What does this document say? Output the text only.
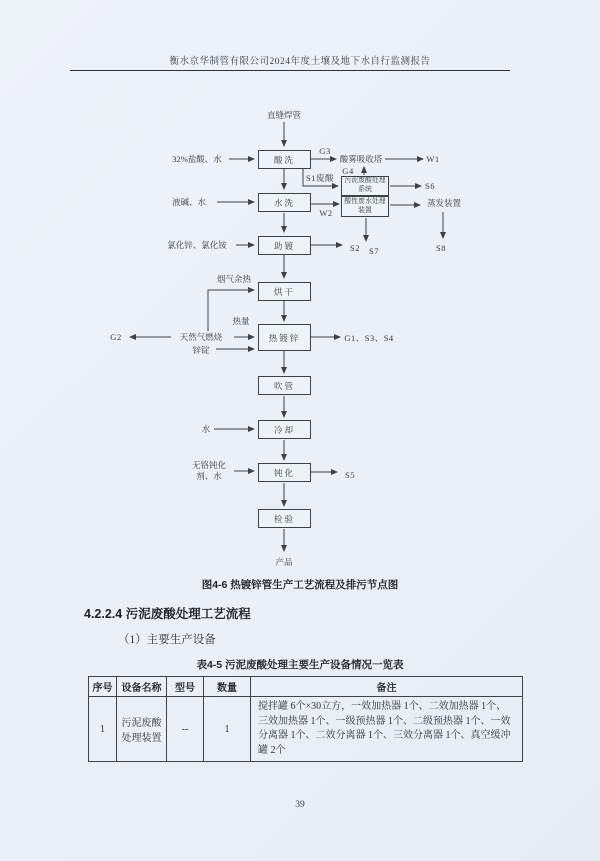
衡水京华制管有限公司2024年度土壤及地下水自行监测报告
酸洗
水洗
助镀
烘干
热镀锌
吹管
冷却
钝化
检验
污泥废酸处理系统
酸性废水处理装置
直缝焊管
32%盐酸、水
液碱、水
氯化锌、氯化铵
烟气余热
热量
天然气燃烧
锌锭
水
无铬钝化剂、水
酸雾吸收塔
蒸发装置
产品
G3
W1
G4
S1废酸
S6
W2
S2 S7	S8
G2	G1、S3、S4
S5
图4-6 热镀锌管生产工艺流程及排污节点图
4.2.2.4 污泥废酸处理工艺流程
（1）主要生产设备
表4-5 污泥废酸处理主要生产设备情况一览表
序号	设备名称	型号	数量	备注
1	污泥废酸处理装置	--	1	搅拌罐 6个×30立方，一效加热器 1个、二效加热器 1个、三效加热器 1个、一级预热器 1个、二级预热器 1个、一效分离器 1个、二效分离器 1个、三效分离器 1个、真空缓冲罐 2个
39
